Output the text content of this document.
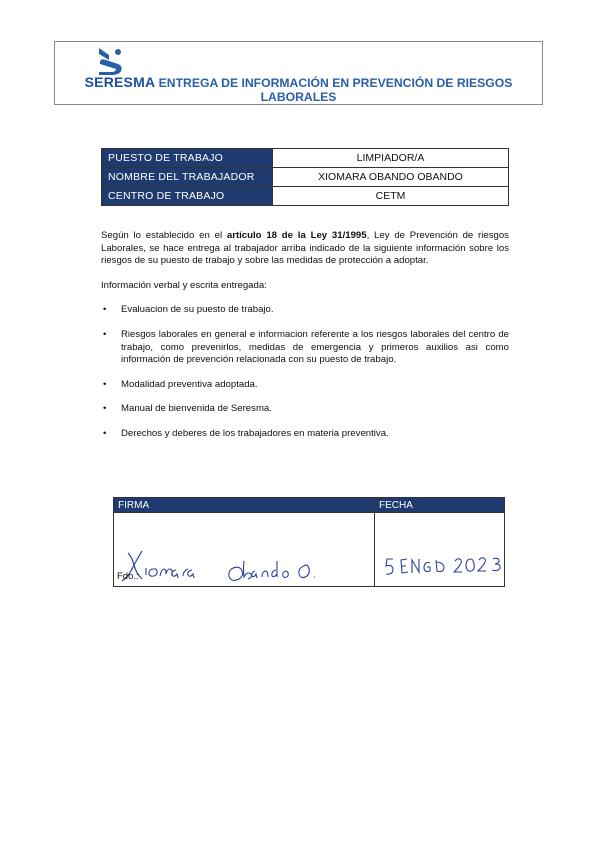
SERESMA ENTREGA DE INFORMACIÓN EN PREVENCIÓN DE RIESGOS LABORALES
PUESTO DE TRABAJO	LIMPIADOR/A
NOMBRE DEL TRABAJADOR	XIOMARA OBANDO OBANDO
CENTRO DE TRABAJO	CETM

Según lo establecido en el artículo 18 de la Ley 31/1995, Ley de Prevención de riesgos Laborales, se hace entrega al trabajador arriba indicado de la siguiente información sobre los riesgos de su puesto de trabajo y sobre las medidas de protección a adoptar.

Información verbal y escrita entregada:

• Evaluacion de su puesto de trabajo.
• Riesgos laborales en general e informacion referente a los riesgos laborales del centro de trabajo, como prevenirlos, medidas de emergencia y primeros auxilios asi como información de prevención relacionada con su puesto de trabajo.
• Modalidad preventiva adoptada.
• Manual de bienvenida de Seresma.
• Derechos y deberes de los trabajadores en materia preventiva.
FIRMA	FECHA

Fdo.:
